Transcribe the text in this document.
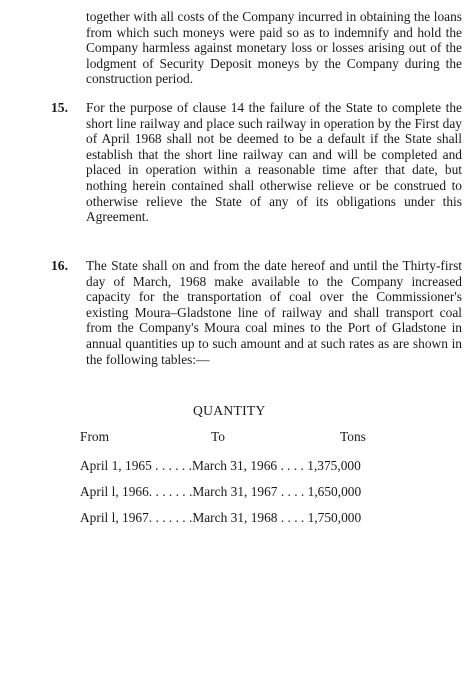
together with all costs of the Company incurred in obtaining the loans from which such moneys were paid so as to indemnify and hold the Company harmless against monetary loss or losses arising out of the lodgment of Security Deposit moneys by the Company during the construction period.

15. For the purpose of clause 14 the failure of the State to complete the short line railway and place such railway in operation by the First day of April 1968 shall not be deemed to be a default if the State shall establish that the short line railway can and will be completed and placed in operation within a reasonable time after that date, but nothing herein contained shall otherwise relieve or be construed to otherwise relieve the State of any of its obligations under this Agreement.

16. The State shall on and from the date hereof and until the Thirty-first day of March, 1968 make available to the Company increased capacity for the transportation of coal over the Commissioner's existing Moura–Gladstone line of railway and shall transport coal from the Company's Moura coal mines to the Port of Gladstone in annual quantities up to such amount and at such rates as are shown in the following tables:—

QUANTITY
From	To	Tons
April 1, 1965 . . . . . .March 31, 1966 . . . . 1,375,000
April l, 1966. . . . . . .March 31, 1967 . . . . 1,650,000
April l, 1967. . . . . . .March 31, 1968 . . . . 1,750,000
